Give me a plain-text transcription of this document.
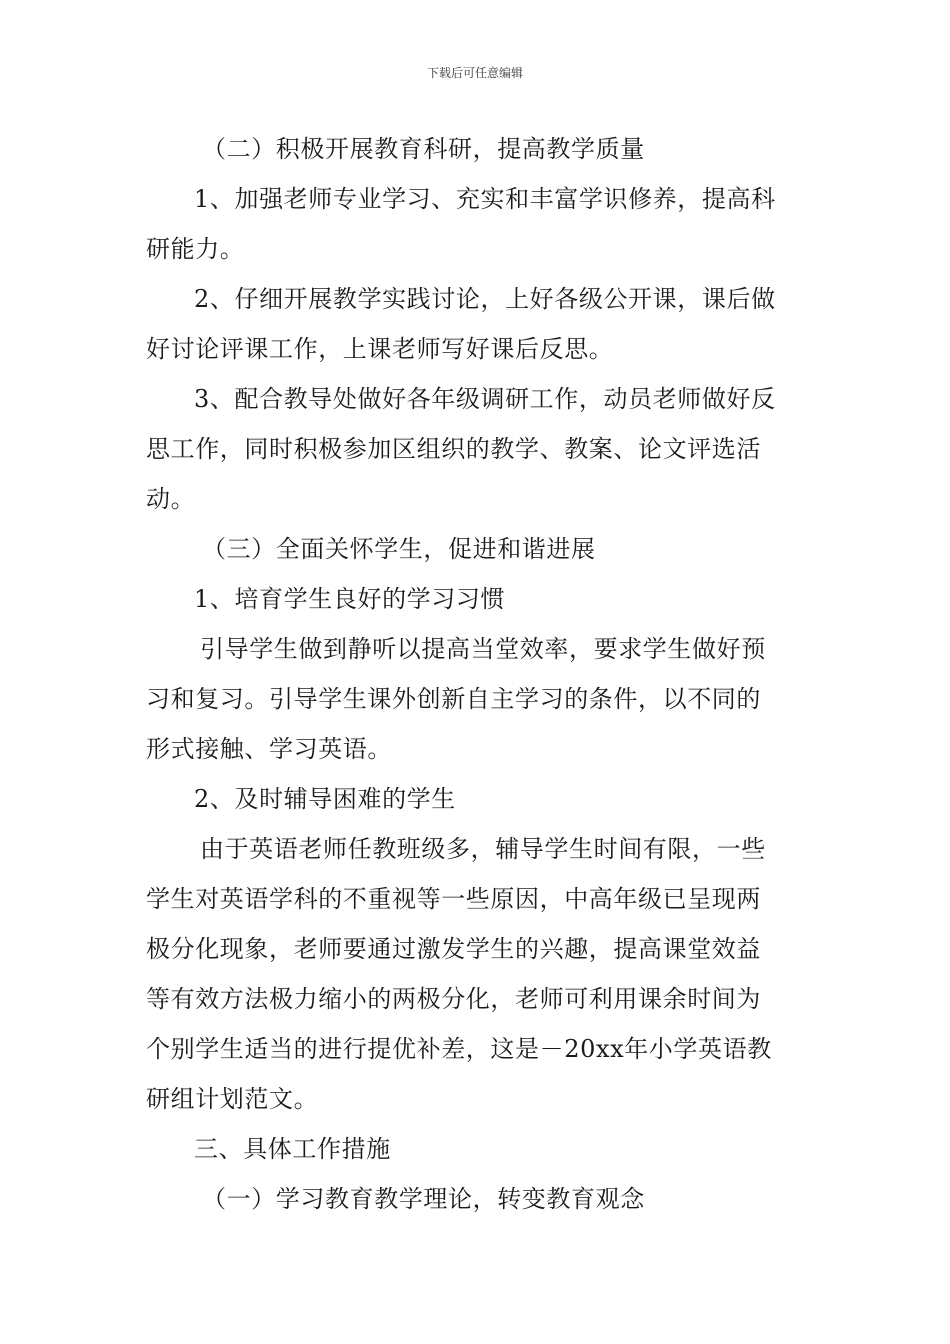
下载后可任意编辑

（二）积极开展教育科研，提高教学质量

1、加强老师专业学习、充实和丰富学识修养，提高科

研能力。

2、仔细开展教学实践讨论，上好各级公开课，课后做

好讨论评课工作，上课老师写好课后反思。

3、配合教导处做好各年级调研工作，动员老师做好反

思工作，同时积极参加区组织的教学、教案、论文评选活

动。

（三）全面关怀学生，促进和谐进展

1、培育学生良好的学习习惯

引导学生做到静听以提高当堂效率，要求学生做好预

习和复习。引导学生课外创新自主学习的条件，以不同的

形式接触、学习英语。

2、及时辅导困难的学生

由于英语老师任教班级多，辅导学生时间有限，一些

学生对英语学科的不重视等一些原因，中高年级已呈现两

极分化现象，老师要通过激发学生的兴趣，提高课堂效益

等有效方法极力缩小的两极分化，老师可利用课余时间为

个别学生适当的进行提优补差，这是－20xx年小学英语教

研组计划范文。

三、具体工作措施

（一）学习教育教学理论，转变教育观念
